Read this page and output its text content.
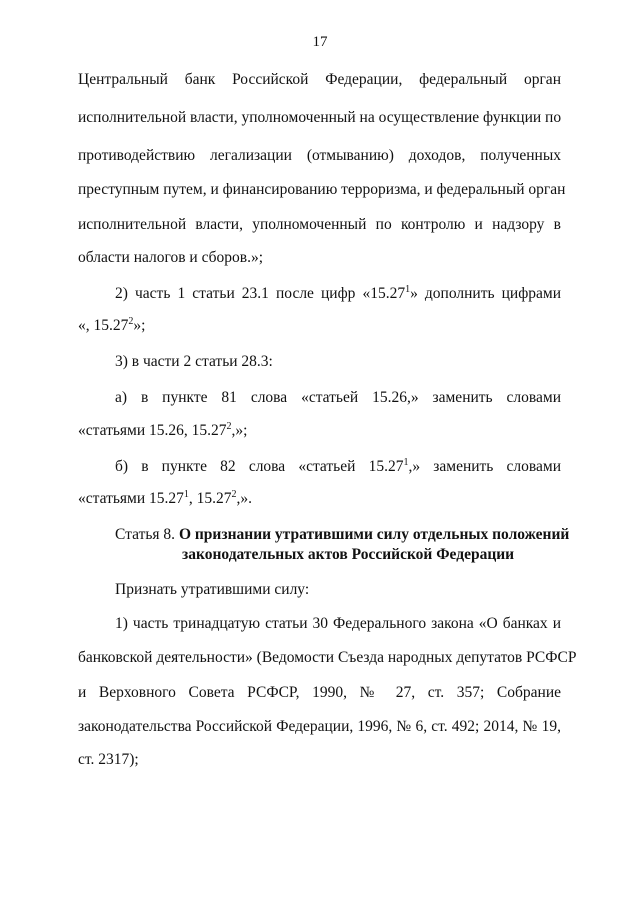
17
Центральный банк Российской Федерации, федеральный орган
исполнительной власти, уполномоченный на осуществление функции по
противодействию легализации (отмыванию) доходов, полученных
преступным путем, и финансированию терроризма, и федеральный орган
исполнительной власти, уполномоченный по контролю и надзору в
области налогов и сборов.»;
2) часть 1 статьи 23.1 после цифр «15.27$^1$» дополнить цифрами
«, 15.27$^2$»;
3) в части 2 статьи 28.3:
а) в пункте 81 слова «статьей 15.26,» заменить словами
«статьями 15.26, 15.27$^2$,»;
б) в пункте 82 слова «статьей 15.27$^1$,» заменить словами
«статьями 15.27$^1$, 15.27$^2$,».
Статья 8. О признании утратившими силу отдельных положений
законодательных актов Российской Федерации
Признать утратившими силу:
1) часть тринадцатую статьи 30 Федерального закона «О банках и
банковской деятельности» (Ведомости Съезда народных депутатов РСФСР
и Верховного Совета РСФСР, 1990, № 27, ст. 357; Собрание
законодательства Российской Федерации, 1996, № 6, ст. 492; 2014, № 19,
ст. 2317);
